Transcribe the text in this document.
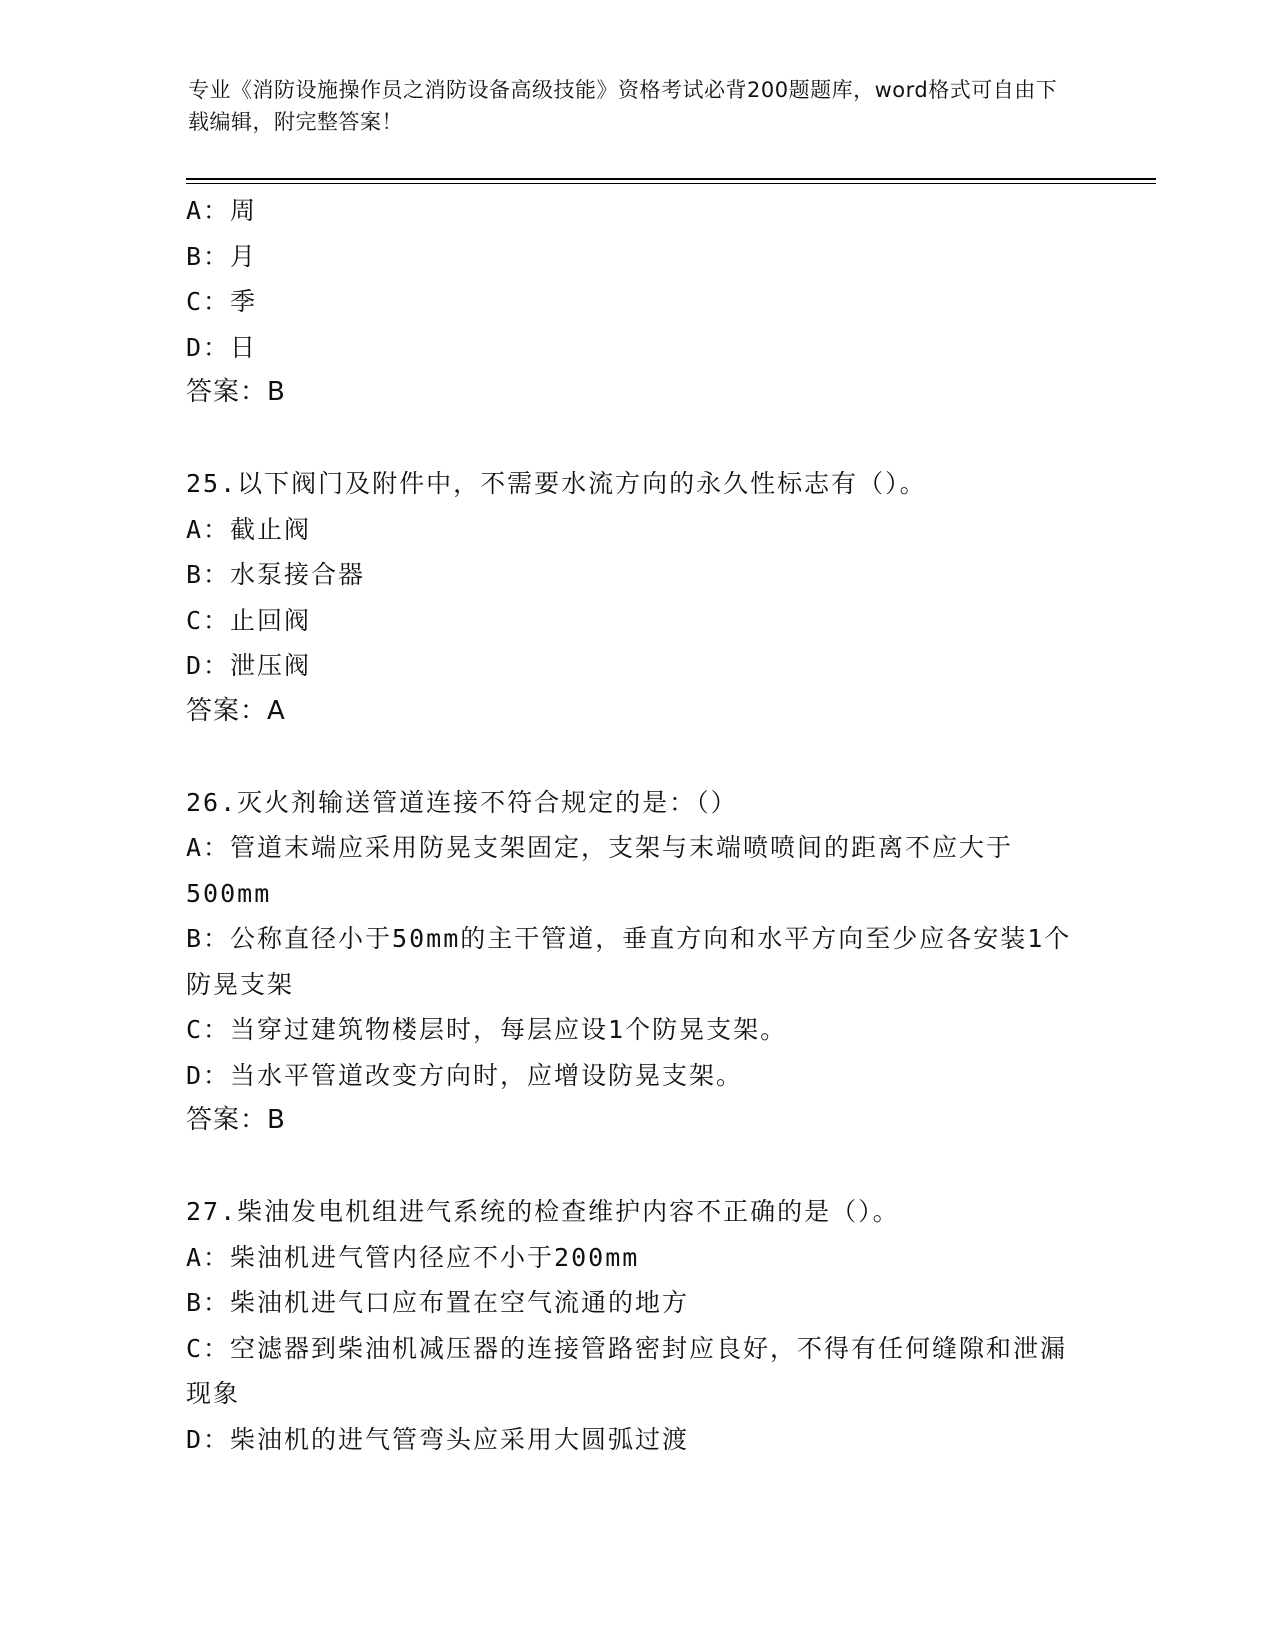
专业《消防设施操作员之消防设备高级技能》资格考试必背200题题库，word格式可自由下载编辑，附完整答案！
A：周
B：月
C：季
D：日
答案：B
25.以下阀门及附件中，不需要水流方向的永久性标志有（）。
A：截止阀
B：水泵接合器
C：止回阀
D：泄压阀
答案：A
26.灭火剂输送管道连接不符合规定的是：（）
A：管道末端应采用防晃支架固定，支架与末端喷喷间的距离不应大于500mm
B：公称直径小于50mm的主干管道，垂直方向和水平方向至少应各安装1个防晃支架
C：当穿过建筑物楼层时，每层应设1个防晃支架。
D：当水平管道改变方向时，应增设防晃支架。
答案：B
27.柴油发电机组进气系统的检查维护内容不正确的是（）。
A：柴油机进气管内径应不小于200mm
B：柴油机进气口应布置在空气流通的地方
C：空滤器到柴油机减压器的连接管路密封应良好，不得有任何缝隙和泄漏现象
D：柴油机的进气管弯头应采用大圆弧过渡
